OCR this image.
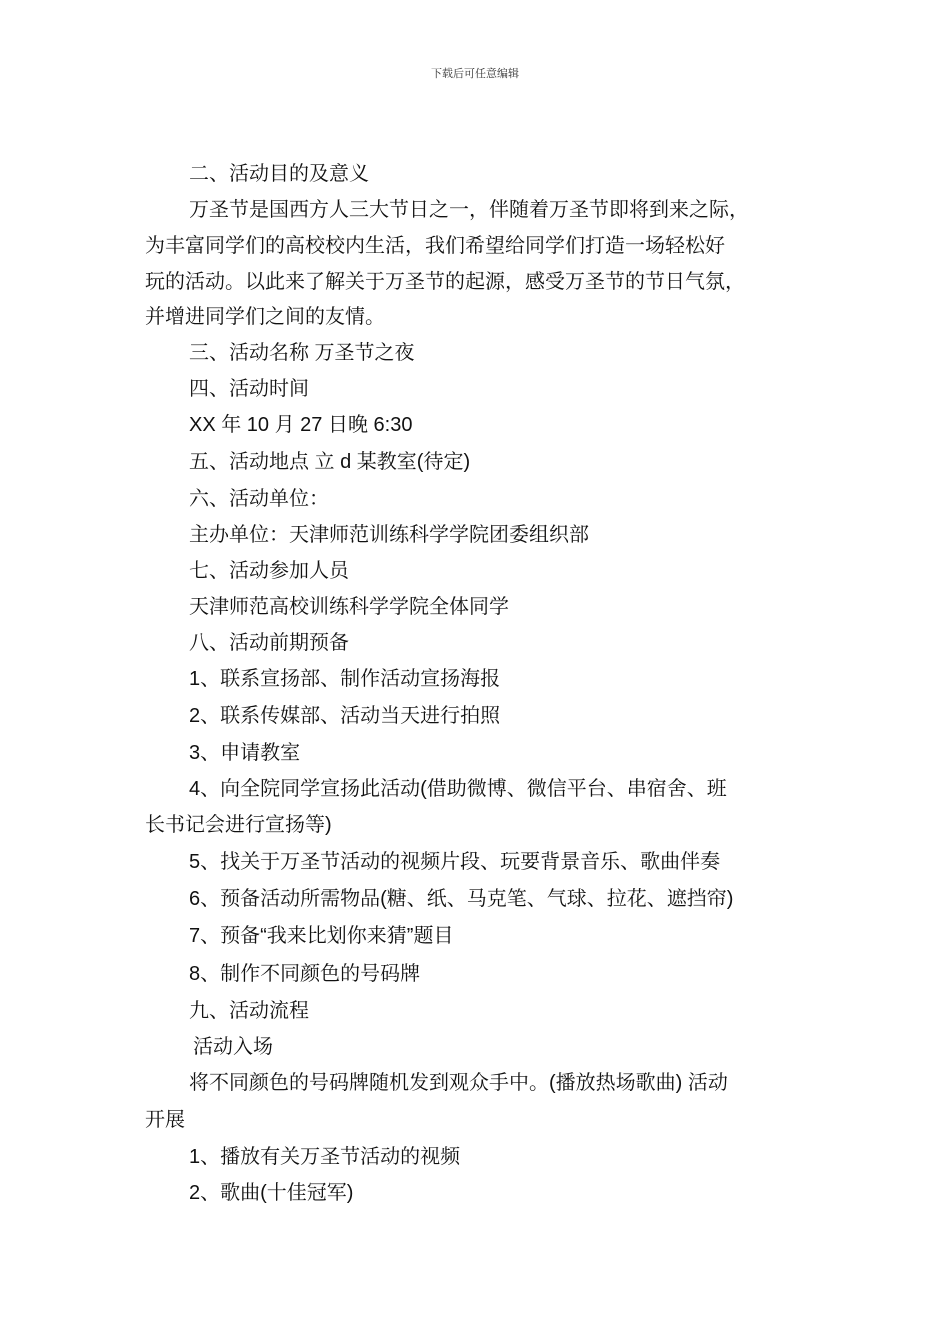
下载后可任意编辑
二、活动目的及意义
万圣节是国西方人三大节日之一，伴随着万圣节即将到来之际，
为丰富同学们的高校校内生活，我们希望给同学们打造一场轻松好
玩的活动。以此来了解关于万圣节的起源，感受万圣节的节日气氛，
并增进同学们之间的友情。
三、活动名称 万圣节之夜
四、活动时间
XX 年 10 月 27 日晚 6:30
五、活动地点 立 d 某教室(待定)
六、活动单位：
主办单位：天津师范训练科学学院团委组织部
七、活动参加人员
天津师范高校训练科学学院全体同学
八、活动前期预备
1、联系宣扬部、制作活动宣扬海报
2、联系传媒部、活动当天进行拍照
3、申请教室
4、向全院同学宣扬此活动(借助微博、微信平台、串宿舍、班
长书记会进行宣扬等)
5、找关于万圣节活动的视频片段、玩要背景音乐、歌曲伴奏
6、预备活动所需物品(糖、纸、马克笔、气球、拉花、遮挡帘)
7、预备“我来比划你来猜”题目
8、制作不同颜色的号码牌
九、活动流程
活动入场
将不同颜色的号码牌随机发到观众手中。(播放热场歌曲) 活动
开展
1、播放有关万圣节活动的视频
2、歌曲(十佳冠军)
